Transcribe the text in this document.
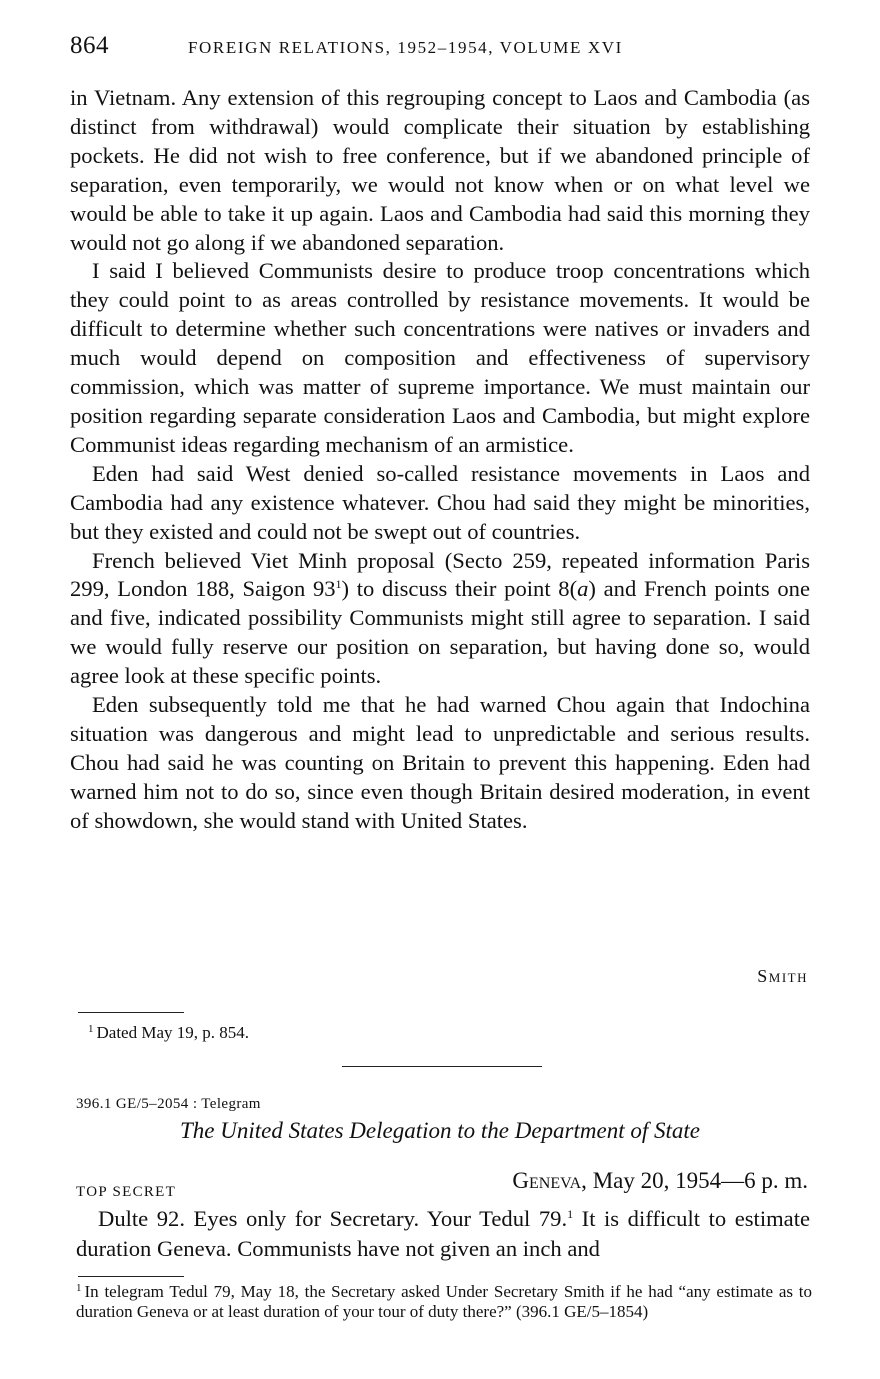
864	FOREIGN RELATIONS, 1952–1954, VOLUME XVI

in Vietnam. Any extension of this regrouping concept to Laos and Cambodia (as distinct from withdrawal) would complicate their situation by establishing pockets. He did not wish to free conference, but if we abandoned principle of separation, even temporarily, we would not know when or on what level we would be able to take it up again. Laos and Cambodia had said this morning they would not go along if we abandoned separation.

I said I believed Communists desire to produce troop concentrations which they could point to as areas controlled by resistance movements. It would be difficult to determine whether such concentrations were natives or invaders and much would depend on composition and effectiveness of supervisory commission, which was matter of supreme importance. We must maintain our position regarding separate consideration Laos and Cambodia, but might explore Communist ideas regarding mechanism of an armistice.

Eden had said West denied so-called resistance movements in Laos and Cambodia had any existence whatever. Chou had said they might be minorities, but they existed and could not be swept out of countries.

French believed Viet Minh proposal (Secto 259, repeated information Paris 299, London 188, Saigon 93$^1$) to discuss their point 8(a) and French points one and five, indicated possibility Communists might still agree to separation. I said we would fully reserve our position on separation, but having done so, would agree look at these specific points.

Eden subsequently told me that he had warned Chou again that Indochina situation was dangerous and might lead to unpredictable and serious results. Chou had said he was counting on Britain to prevent this happening. Eden had warned him not to do so, since even though Britain desired moderation, in event of showdown, she would stand with United States.

Smith
$^1$ Dated May 19, p. 854.
396.1 GE/5–2054 : Telegram
The United States Delegation to the Department of State
TOP SECRET	Geneva, May 20, 1954—6 p. m.

Dulte 92. Eyes only for Secretary. Your Tedul 79.$^1$ It is difficult to estimate duration Geneva. Communists have not given an inch and

$^1$ In telegram Tedul 79, May 18, the Secretary asked Under Secretary Smith if he had “any estimate as to duration Geneva or at least duration of your tour of duty there?” (396.1 GE/5–1854)
